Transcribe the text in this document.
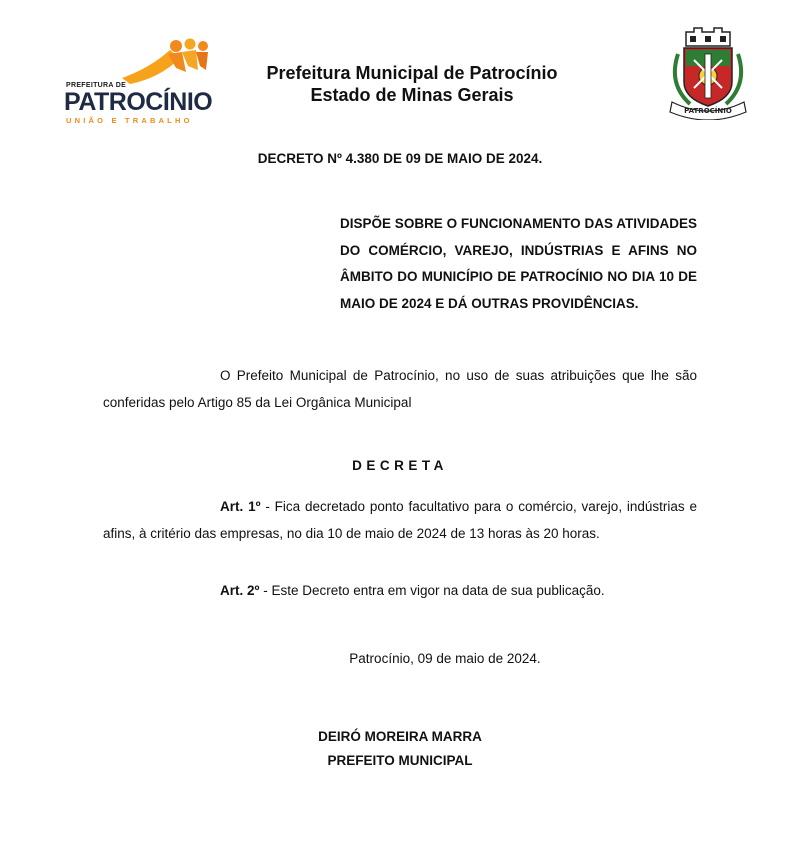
PREFEITURA DE
PATROCÍNIO
UNIÃO E TRABALHO
Prefeitura Municipal de Patrocínio
Estado de Minas Gerais
PATROCÍNIO
DECRETO Nº 4.380 DE 09 DE MAIO DE 2024.
DISPÕE SOBRE O FUNCIONAMENTO DAS ATIVIDADES DO COMÉRCIO, VAREJO, INDÚSTRIAS E AFINS NO ÂMBITO DO MUNICÍPIO DE PATROCÍNIO NO DIA 10 DE MAIO DE 2024 E DÁ OUTRAS PROVIDÊNCIAS.
O Prefeito Municipal de Patrocínio, no uso de suas atribuições que lhe são conferidas pelo Artigo 85 da Lei Orgânica Municipal
DECRETA
Art. 1º - Fica decretado ponto facultativo para o comércio, varejo, indústrias e afins, à critério das empresas, no dia 10 de maio de 2024 de 13 horas às 20 horas.
Art. 2º - Este Decreto entra em vigor na data de sua publicação.
Patrocínio, 09 de maio de 2024.
DEIRÓ MOREIRA MARRA
PREFEITO MUNICIPAL
